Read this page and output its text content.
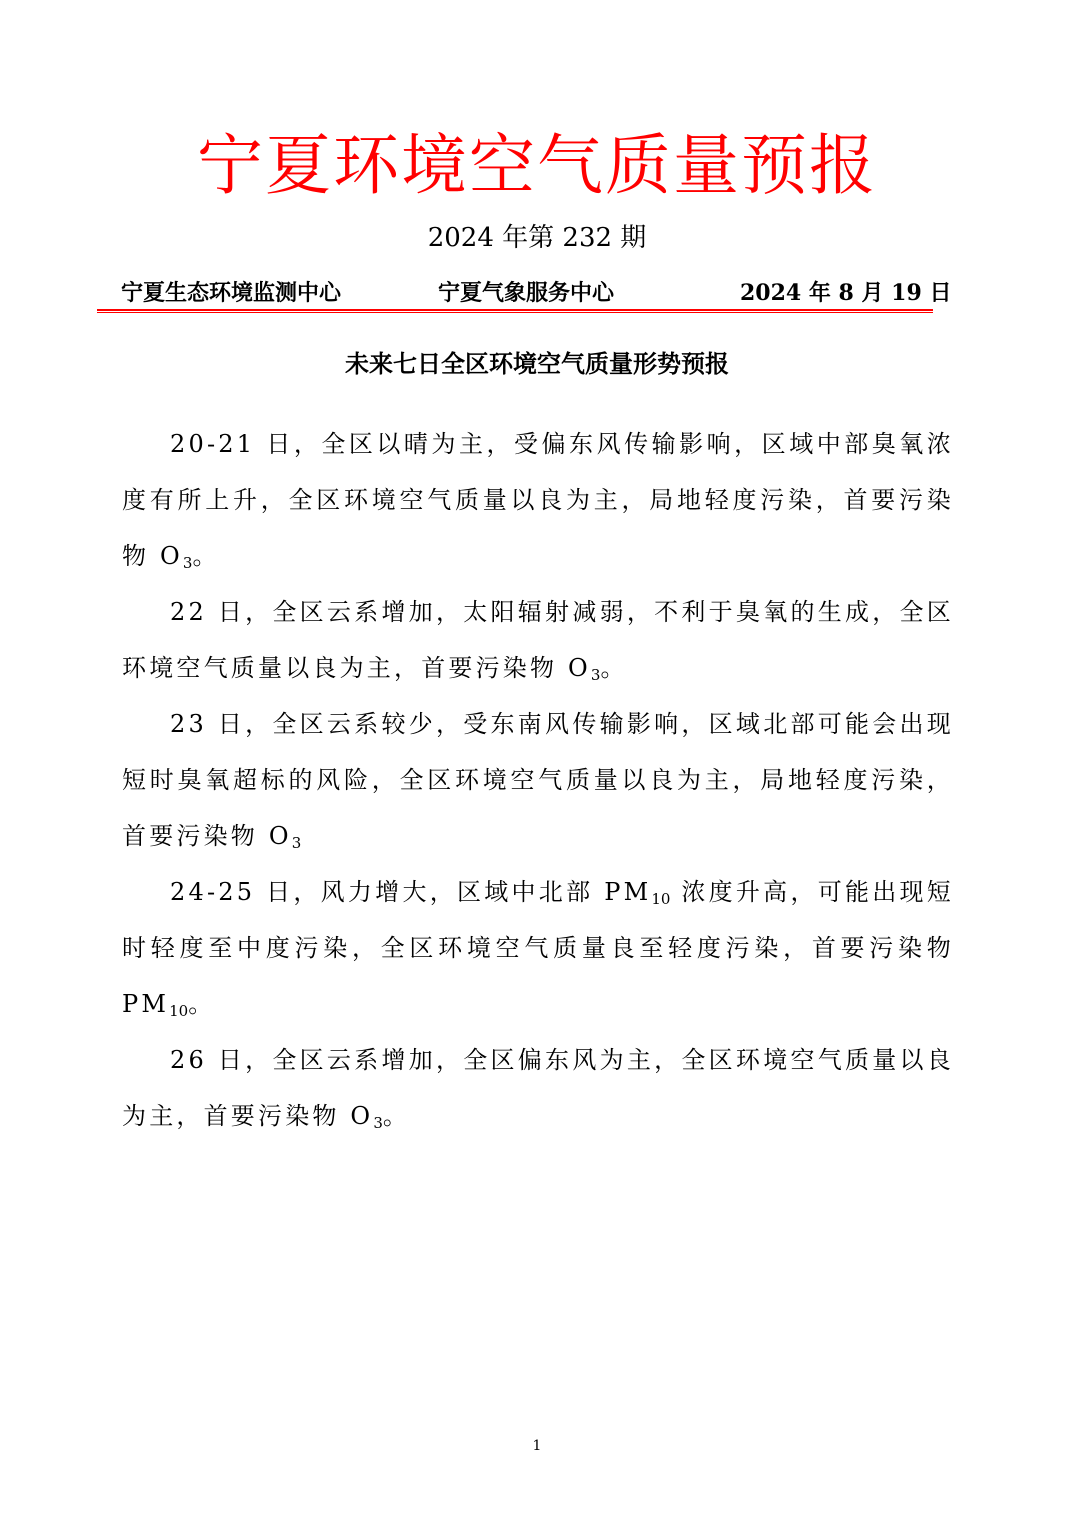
宁夏环境空气质量预报
2024 年第 232 期
宁夏生态环境监测中心	宁夏气象服务中心	2024 年 8 月 19 日
未来七日全区环境空气质量形势预报

20-21 日，全区以晴为主，受偏东风传输影响，区域中部臭氧浓度有所上升，全区环境空气质量以良为主，局地轻度污染，首要污染物 $O_3$。

22 日，全区云系增加，太阳辐射减弱，不利于臭氧的生成，全区环境空气质量以良为主，首要污染物 $O_3$。

23 日，全区云系较少，受东南风传输影响，区域北部可能会出现短时臭氧超标的风险，全区环境空气质量以良为主，局地轻度污染，首要污染物 $O_3$

24-25 日，风力增大，区域中北部 $PM_{10}$ 浓度升高，可能出现短时轻度至中度污染，全区环境空气质量良至轻度污染，首要污染物 $PM_{10}$。

26 日，全区云系增加，全区偏东风为主，全区环境空气质量以良为主，首要污染物 $O_3$。

1
